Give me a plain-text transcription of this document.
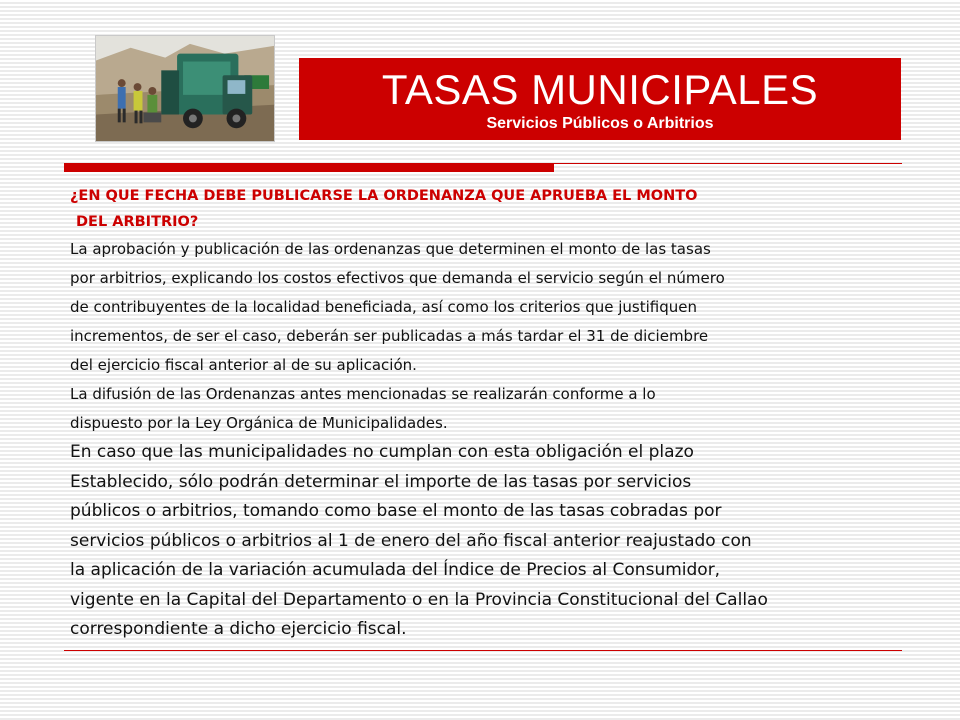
TASAS MUNICIPALES
Servicios Públicos o Arbitrios

¿EN QUE FECHA DEBE PUBLICARSE LA ORDENANZA QUE APRUEBA EL MONTO

DEL ARBITRIO?

La aprobación y publicación de las ordenanzas que determinen el monto de las tasas

por arbitrios, explicando los costos efectivos que demanda el servicio según el número

de contribuyentes de la localidad beneficiada, así como los criterios que justifiquen

incrementos, de ser el caso, deberán ser publicadas a más tardar el 31 de diciembre

del ejercicio fiscal anterior al de su aplicación.

La difusión de las Ordenanzas antes mencionadas se realizarán conforme a lo

dispuesto por la Ley Orgánica de Municipalidades.

En caso que las municipalidades no cumplan con esta obligación el plazo

Establecido, sólo podrán determinar el importe de las tasas por servicios

públicos o arbitrios, tomando como base el monto de las tasas cobradas por

servicios públicos o arbitrios al 1 de enero del año fiscal anterior reajustado con

la aplicación de la variación acumulada del Índice de Precios al Consumidor,

vigente en la Capital del Departamento o en la Provincia Constitucional del Callao

correspondiente a dicho ejercicio fiscal.
